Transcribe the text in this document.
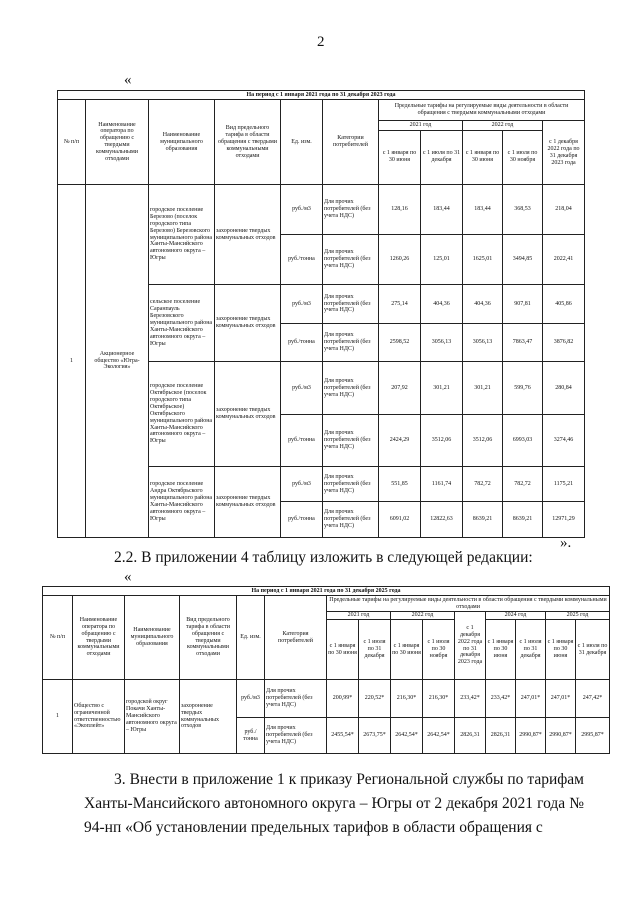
2
«
На период с 1 января 2021 года по 31 декабря 2023 года										
№ п/п	Наименование оператора по обращению с твердыми коммунальными отходами	Наименование муниципального образования	Вид предельного тарифа в области обращения с твердыми коммунальными отходами	Ед. изм.	Категории потребителей	Предельные тарифы на регулируемые виды деятельности в области обращения с твердыми коммунальными отходами				
						2021 год		2022 год		с 1 декабря 2022 года по 31 декабря 2023 года
						с 1 января по 30 июня	с 1 июля по 31 декабря	с 1 января по 30 июня	с 1 июля по 30 ноября	
1	Акционерное общество «Югра-Экология»	городское поселение Березово (поселок городского типа Березово) Березовского муниципального района Ханты-Мансийского автономного округа – Югры	захоронение твердых коммунальных отходов	руб./м3	Для прочих потребителей (без учета НДС)	128,16	183,44	183,44	368,53	218,04
				руб./тонна	Для прочих потребителей (без учета НДС)	1260,26	125,01	1625,01	3494,85	2022,41
		сельское поселение Саранпауль Березовского муниципального района Ханты-Мансийского автономного округа – Югры	захоронение твердых коммунальных отходов	руб./м3	Для прочих потребителей (без учета НДС)	275,14	404,36	404,36	907,81	405,86
				руб./тонна	Для прочих потребителей (без учета НДС)	2598,52	3056,13	3056,13	7863,47	3876,82
		городское поселение Октябрьское (поселок городского типа Октябрьское) Октябрьского муниципального района Ханты-Мансийского автономного округа – Югры	захоронение твердых коммунальных отходов	руб./м3	Для прочих потребителей (без учета НДС)	207,92	301,21	301,21	599,76	280,84
				руб./тонна	Для прочих потребителей (без учета НДС)	2424,29	3512,06	3512,06	6993,03	3274,46
		городское поселение Андра Октябрьского муниципального района Ханты-Мансийского автономного округа – Югры	захоронение твердых коммунальных отходов	руб./м3	Для прочих потребителей (без учета НДС)	551,85	1161,74	782,72	782,72	1175,21
				руб./тонна	Для прочих потребителей (без учета НДС)	6091,02	12822,63	8639,21	8639,21	12971,29
».
2.2. В приложении 4 таблицу изложить в следующей редакции:
«
На период с 1 января 2021 года по 31 декабря 2025 года														
№ п/п	Наименование оператора по обращению с твердыми коммунальными отходами	Наименование муниципального образования	Вид предельного тарифа в области обращения с твердыми коммунальными отходами	Ед. изм.	Категория потребителей	Предельные тарифы на регулируемые виды деятельности в области обращения с твердыми коммунальными отходами								
						2021 год		2022 год		с 1 декабря 2022 года по 31 декабря 2023 года	2024 год		2025 год	
						с 1 января по 30 июня	с 1 июля по 31 декабря	с 1 января по 30 июня	с 1 июля по 30 ноября		с 1 января по 30 июня	с 1 июля по 31 декабря	с 1 января по 30 июня	с 1 июля по 31 декабря
1	Общество с ограниченной ответственностью «Экоплейт»	городской округ Покачи Ханты-Мансийского автономного округа – Югры	захоронение твердых коммунальных отходов	руб./м3	Для прочих потребителей (без учета НДС)	200,99*	220,52*	216,30*	216,30*	233,42*	233,42*	247,01*	247,01*	247,42*
				руб./тонна	Для прочих потребителей (без учета НДС)	2455,54*	2673,75*	2642,54*	2642,54*	2826,31	2826,31	2990,87*	2990,87*	2995,87*
3. Внести в приложение 1 к приказу Региональной службы по тарифам Ханты-Мансийского автономного округа – Югры от 2 декабря 2021 года № 94-нп «Об установлении предельных тарифов в области обращения с
